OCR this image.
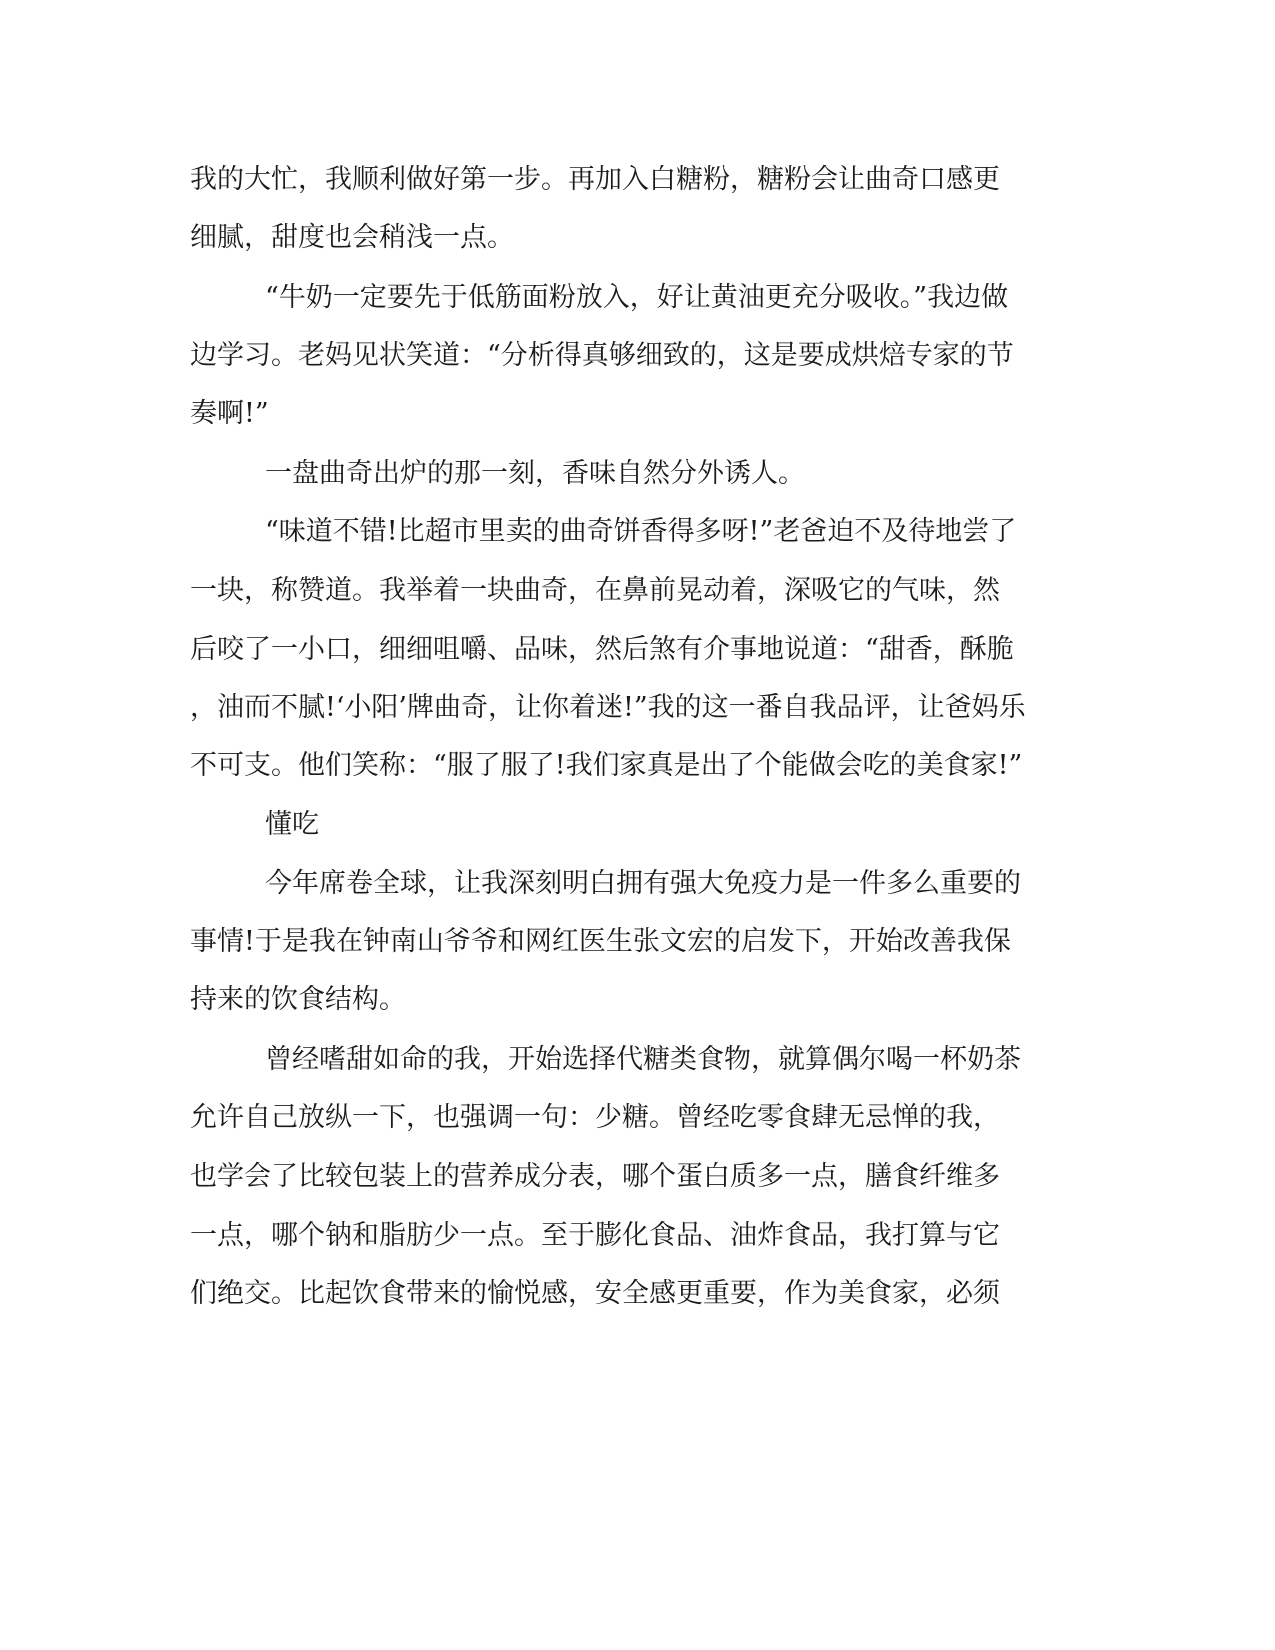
我的大忙，我顺利做好第一步。再加入白糖粉，糖粉会让曲奇口感更
细腻，甜度也会稍浅一点。
“牛奶一定要先于低筋面粉放入，好让黄油更充分吸收。”我边做
边学习。老妈见状笑道：“分析得真够细致的，这是要成烘焙专家的节
奏啊!”
一盘曲奇出炉的那一刻，香味自然分外诱人。
“味道不错!比超市里卖的曲奇饼香得多呀!”老爸迫不及待地尝了
一块，称赞道。我举着一块曲奇，在鼻前晃动着，深吸它的气味，然
后咬了一小口，细细咀嚼、品味，然后煞有介事地说道：“甜香，酥脆
，油而不腻!‘小阳’牌曲奇，让你着迷!”我的这一番自我品评，让爸妈乐
不可支。他们笑称：“服了服了!我们家真是出了个能做会吃的美食家!”
懂吃
今年席卷全球，让我深刻明白拥有强大免疫力是一件多么重要的
事情!于是我在钟南山爷爷和网红医生张文宏的启发下，开始改善我保
持来的饮食结构。
曾经嗜甜如命的我，开始选择代糖类食物，就算偶尔喝一杯奶茶
允许自己放纵一下，也强调一句：少糖。曾经吃零食肆无忌惮的我，
也学会了比较包装上的营养成分表，哪个蛋白质多一点，膳食纤维多
一点，哪个钠和脂肪少一点。至于膨化食品、油炸食品，我打算与它
们绝交。比起饮食带来的愉悦感，安全感更重要，作为美食家，必须
